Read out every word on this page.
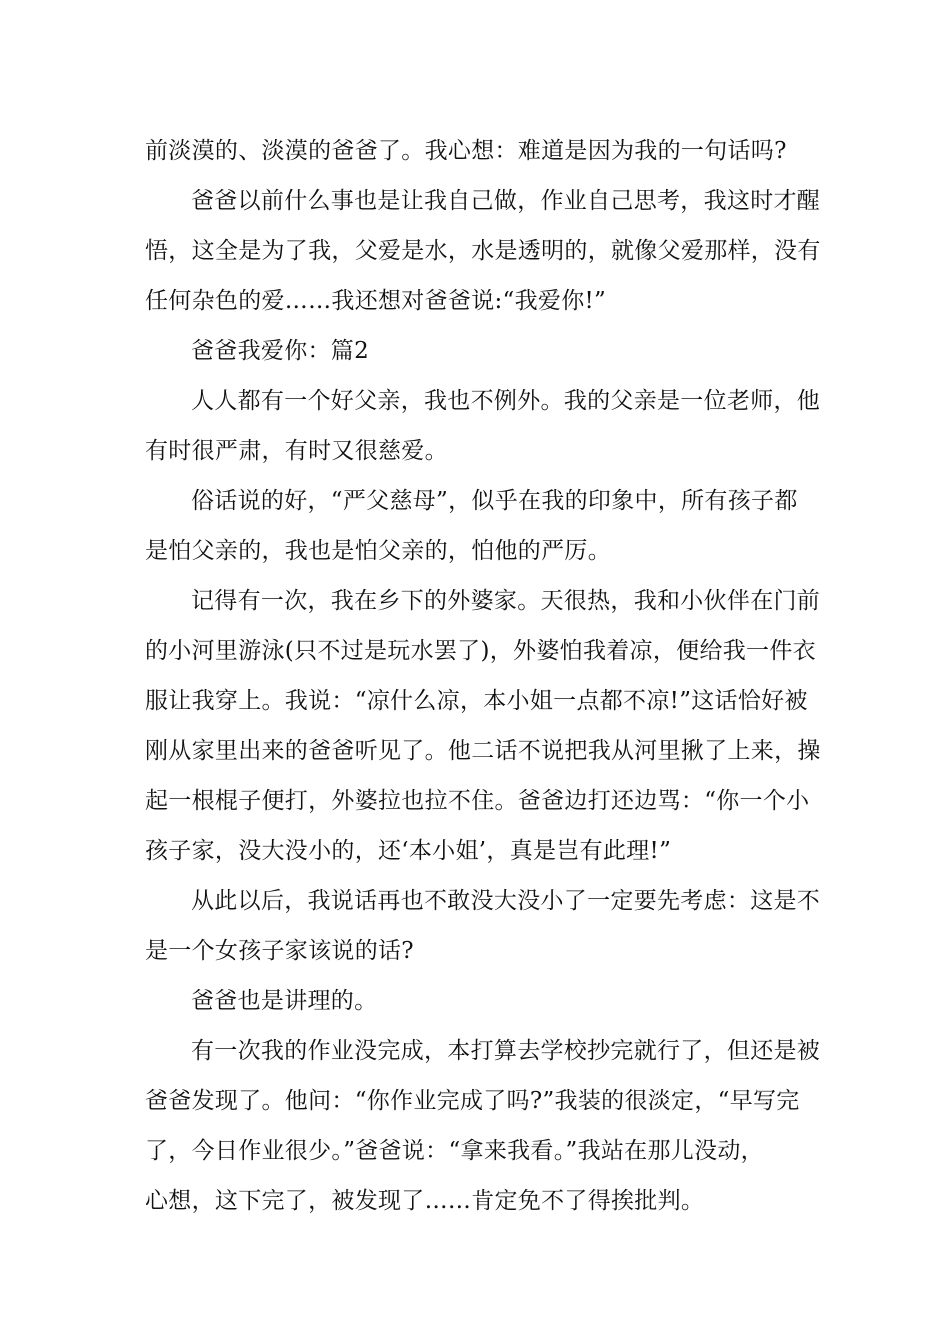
前淡漠的、淡漠的爸爸了。我心想：难道是因为我的一句话吗?
爸爸以前什么事也是让我自己做，作业自己思考，我这时才醒
悟，这全是为了我，父爱是水，水是透明的，就像父爱那样，没有
任何杂色的爱……我还想对爸爸说:“我爱你!”
爸爸我爱你：篇2
人人都有一个好父亲，我也不例外。我的父亲是一位老师，他
有时很严肃，有时又很慈爱。
俗话说的好，“严父慈母”，似乎在我的印象中，所有孩子都
是怕父亲的，我也是怕父亲的，怕他的严厉。
记得有一次，我在乡下的外婆家。天很热，我和小伙伴在门前
的小河里游泳(只不过是玩水罢了)，外婆怕我着凉，便给我一件衣
服让我穿上。我说：“凉什么凉，本小姐一点都不凉!”这话恰好被
刚从家里出来的爸爸听见了。他二话不说把我从河里揪了上来，操
起一根棍子便打，外婆拉也拉不住。爸爸边打还边骂：“你一个小
孩子家，没大没小的，还‘本小姐’，真是岂有此理!”
从此以后，我说话再也不敢没大没小了一定要先考虑：这是不
是一个女孩子家该说的话?
爸爸也是讲理的。
有一次我的作业没完成，本打算去学校抄完就行了，但还是被
爸爸发现了。他问：“你作业完成了吗?”我装的很淡定，“早写完
了，今日作业很少。”爸爸说：“拿来我看。”我站在那儿没动，
心想，这下完了，被发现了……肯定免不了得挨批判。
